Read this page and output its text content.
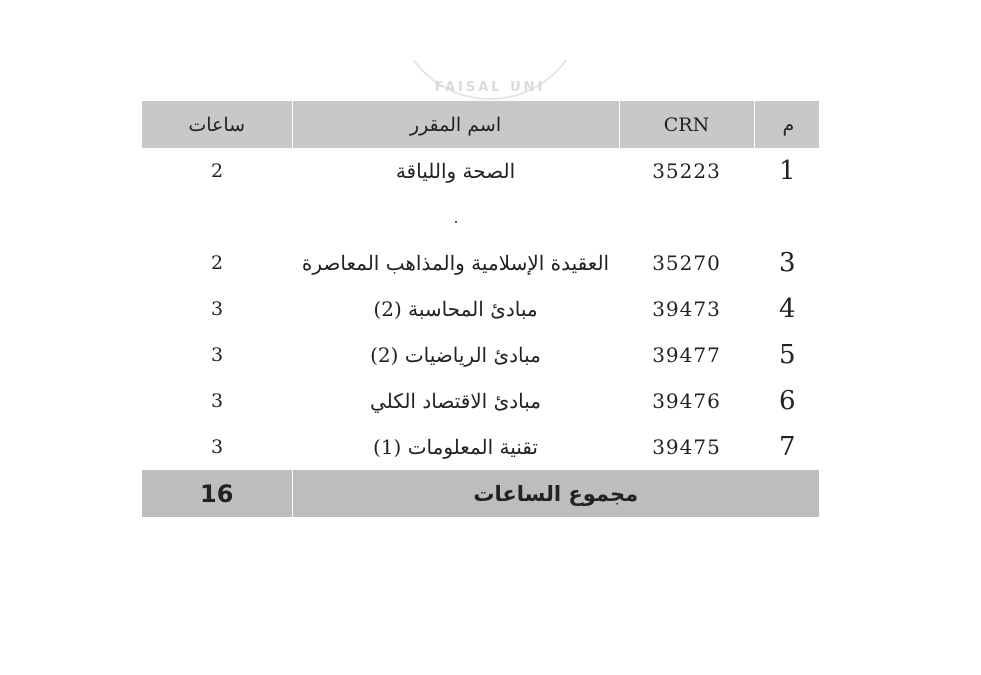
FAISAL UNI
ساعات	اسم المقرر	CRN	م
2	الصحة واللياقة	35223	1

2	العقيدة الإسلامية والمذاهب المعاصرة	35270	3
3	مبادئ المحاسبة (2)	39473	4
3	مبادئ الرياضيات (2)	39477	5
3	مبادئ الاقتصاد الكلي	39476	6
3	تقنية المعلومات (1)	39475	7
16	مجموع الساعات		
